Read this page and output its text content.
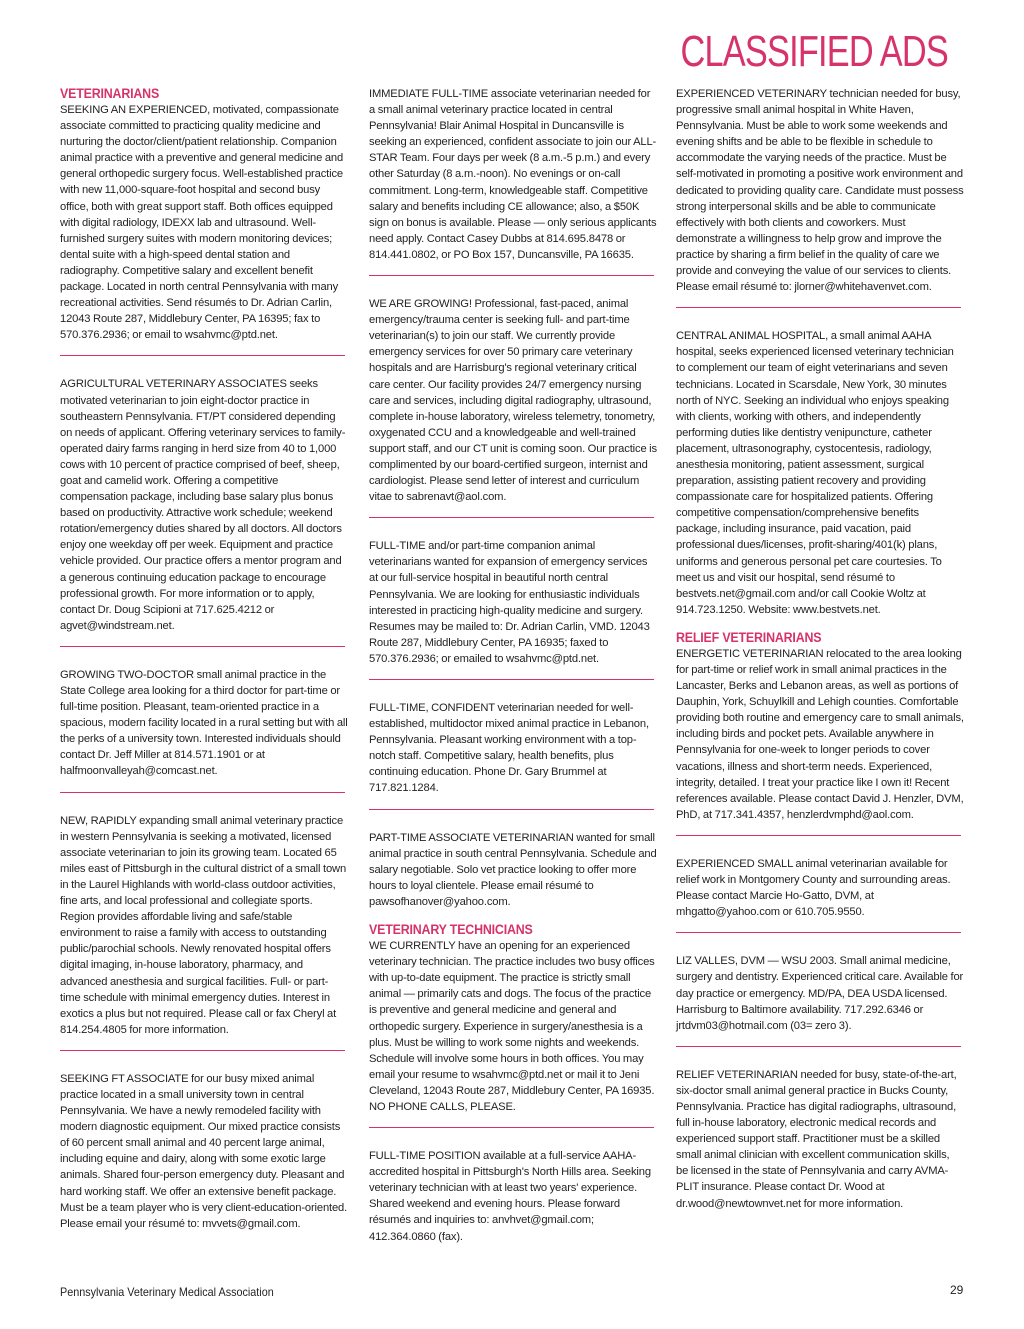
CLASSIFIED ADS
VETERINARIANS

SEEKING AN EXPERIENCED, motivated, compassionate associate committed to practicing quality medicine and nurturing the doctor/client/patient relationship. Companion animal practice with a preventive and general medicine and general orthopedic surgery focus. Well-established practice with new 11,000-square-foot hospital and second busy office, both with great support staff. Both offices equipped with digital radiology, IDEXX lab and ultrasound. Well-furnished surgery suites with modern monitoring devices; dental suite with a high-speed dental station and radiography. Competitive salary and excellent benefit package. Located in north central Pennsylvania with many recreational activities. Send résumés to Dr. Adrian Carlin, 12043 Route 287, Middlebury Center, PA 16395; fax to 570.376.2936; or email to wsahvmc@ptd.net.

AGRICULTURAL VETERINARY ASSOCIATES seeks motivated veterinarian to join eight-doctor practice in southeastern Pennsylvania. FT/PT considered depending on needs of applicant. Offering veterinary services to family-operated dairy farms ranging in herd size from 40 to 1,000 cows with 10 percent of practice comprised of beef, sheep, goat and camelid work. Offering a competitive compensation package, including base salary plus bonus based on productivity. Attractive work schedule; weekend rotation/emergency duties shared by all doctors. All doctors enjoy one weekday off per week. Equipment and practice vehicle provided. Our practice offers a mentor program and a generous continuing education package to encourage professional growth. For more information or to apply, contact Dr. Doug Scipioni at 717.625.4212 or agvet@windstream.net.

GROWING TWO-DOCTOR small animal practice in the State College area looking for a third doctor for part-time or full-time position. Pleasant, team-oriented practice in a spacious, modern facility located in a rural setting but with all the perks of a university town. Interested individuals should contact Dr. Jeff Miller at 814.571.1901 or at halfmoonvalleyah@comcast.net.

NEW, RAPIDLY expanding small animal veterinary practice in western Pennsylvania is seeking a motivated, licensed associate veterinarian to join its growing team. Located 65 miles east of Pittsburgh in the cultural district of a small town in the Laurel Highlands with world-class outdoor activities, fine arts, and local professional and collegiate sports. Region provides affordable living and safe/stable environment to raise a family with access to outstanding public/parochial schools. Newly renovated hospital offers digital imaging, in-house laboratory, pharmacy, and advanced anesthesia and surgical facilities. Full- or part-time schedule with minimal emergency duties. Interest in exotics a plus but not required. Please call or fax Cheryl at 814.254.4805 for more information.

SEEKING FT ASSOCIATE for our busy mixed animal practice located in a small university town in central Pennsylvania. We have a newly remodeled facility with modern diagnostic equipment. Our mixed practice consists of 60 percent small animal and 40 percent large animal, including equine and dairy, along with some exotic large animals. Shared four-person emergency duty. Pleasant and hard working staff. We offer an extensive benefit package. Must be a team player who is very client-education-oriented. Please email your résumé to: mvvets@gmail.com.

IMMEDIATE FULL-TIME associate veterinarian needed for a small animal veterinary practice located in central Pennsylvania! Blair Animal Hospital in Duncansville is seeking an experienced, confident associate to join our ALL-STAR Team. Four days per week (8 a.m.-5 p.m.) and every other Saturday (8 a.m.-noon). No evenings or on-call commitment. Long-term, knowledgeable staff. Competitive salary and benefits including CE allowance; also, a $50K sign on bonus is available. Please — only serious applicants need apply. Contact Casey Dubbs at 814.695.8478 or 814.441.0802, or PO Box 157, Duncansville, PA 16635.

WE ARE GROWING! Professional, fast-paced, animal emergency/trauma center is seeking full- and part-time veterinarian(s) to join our staff. We currently provide emergency services for over 50 primary care veterinary hospitals and are Harrisburg's regional veterinary critical care center. Our facility provides 24/7 emergency nursing care and services, including digital radiography, ultrasound, complete in-house laboratory, wireless telemetry, tonometry, oxygenated CCU and a knowledgeable and well-trained support staff, and our CT unit is coming soon. Our practice is complimented by our board-certified surgeon, internist and cardiologist. Please send letter of interest and curriculum vitae to sabrenavt@aol.com.

FULL-TIME and/or part-time companion animal veterinarians wanted for expansion of emergency services at our full-service hospital in beautiful north central Pennsylvania. We are looking for enthusiastic individuals interested in practicing high-quality medicine and surgery. Resumes may be mailed to: Dr. Adrian Carlin, VMD. 12043 Route 287, Middlebury Center, PA 16935; faxed to 570.376.2936; or emailed to wsahvmc@ptd.net.

FULL-TIME, CONFIDENT veterinarian needed for well-established, multidoctor mixed animal practice in Lebanon, Pennsylvania. Pleasant working environment with a top-notch staff. Competitive salary, health benefits, plus continuing education. Phone Dr. Gary Brummel at 717.821.1284.

PART-TIME ASSOCIATE VETERINARIAN wanted for small animal practice in south central Pennsylvania. Schedule and salary negotiable. Solo vet practice looking to offer more hours to loyal clientele. Please email résumé to pawsofhanover@yahoo.com.

VETERINARY TECHNICIANS

WE CURRENTLY have an opening for an experienced veterinary technician. The practice includes two busy offices with up-to-date equipment. The practice is strictly small animal — primarily cats and dogs. The focus of the practice is preventive and general medicine and general and orthopedic surgery. Experience in surgery/anesthesia is a plus. Must be willing to work some nights and weekends. Schedule will involve some hours in both offices. You may email your resume to wsahvmc@ptd.net or mail it to Jeni Cleveland, 12043 Route 287, Middlebury Center, PA 16935. NO PHONE CALLS, PLEASE.

FULL-TIME POSITION available at a full-service AAHA-accredited hospital in Pittsburgh's North Hills area. Seeking veterinary technician with at least two years' experience. Shared weekend and evening hours. Please forward résumés and inquiries to: anvhvet@gmail.com; 412.364.0860 (fax).

EXPERIENCED VETERINARY technician needed for busy, progressive small animal hospital in White Haven, Pennsylvania. Must be able to work some weekends and evening shifts and be able to be flexible in schedule to accommodate the varying needs of the practice. Must be self-motivated in promoting a positive work environment and dedicated to providing quality care. Candidate must possess strong interpersonal skills and be able to communicate effectively with both clients and coworkers. Must demonstrate a willingness to help grow and improve the practice by sharing a firm belief in the quality of care we provide and conveying the value of our services to clients. Please email résumé to: jlorner@whitehavenvet.com.

CENTRAL ANIMAL HOSPITAL, a small animal AAHA hospital, seeks experienced licensed veterinary technician to complement our team of eight veterinarians and seven technicians. Located in Scarsdale, New York, 30 minutes north of NYC. Seeking an individual who enjoys speaking with clients, working with others, and independently performing duties like dentistry venipuncture, catheter placement, ultrasonography, cystocentesis, radiology, anesthesia monitoring, patient assessment, surgical preparation, assisting patient recovery and providing compassionate care for hospitalized patients. Offering competitive compensation/comprehensive benefits package, including insurance, paid vacation, paid professional dues/licenses, profit-sharing/401(k) plans, uniforms and generous personal pet care courtesies. To meet us and visit our hospital, send résumé to bestvets.net@gmail.com and/or call Cookie Woltz at 914.723.1250. Website: www.bestvets.net.

RELIEF VETERINARIANS

ENERGETIC VETERINARIAN relocated to the area looking for part-time or relief work in small animal practices in the Lancaster, Berks and Lebanon areas, as well as portions of Dauphin, York, Schuylkill and Lehigh counties. Comfortable providing both routine and emergency care to small animals, including birds and pocket pets. Available anywhere in Pennsylvania for one-week to longer periods to cover vacations, illness and short-term needs. Experienced, integrity, detailed. I treat your practice like I own it! Recent references available. Please contact David J. Henzler, DVM, PhD, at 717.341.4357, henzlerdvmphd@aol.com.

EXPERIENCED SMALL animal veterinarian available for relief work in Montgomery County and surrounding areas. Please contact Marcie Ho-Gatto, DVM, at mhgatto@yahoo.com or 610.705.9550.

LIZ VALLES, DVM — WSU 2003. Small animal medicine, surgery and dentistry. Experienced critical care. Available for day practice or emergency. MD/PA, DEA USDA licensed. Harrisburg to Baltimore availability. 717.292.6346 or jrtdvm03@hotmail.com (03= zero 3).

RELIEF VETERINARIAN needed for busy, state-of-the-art, six-doctor small animal general practice in Bucks County, Pennsylvania. Practice has digital radiographs, ultrasound, full in-house laboratory, electronic medical records and experienced support staff. Practitioner must be a skilled small animal clinician with excellent communication skills, be licensed in the state of Pennsylvania and carry AVMA-PLIT insurance. Please contact Dr. Wood at dr.wood@newtownvet.net for more information.

Pennsylvania Veterinary Medical Association	29
